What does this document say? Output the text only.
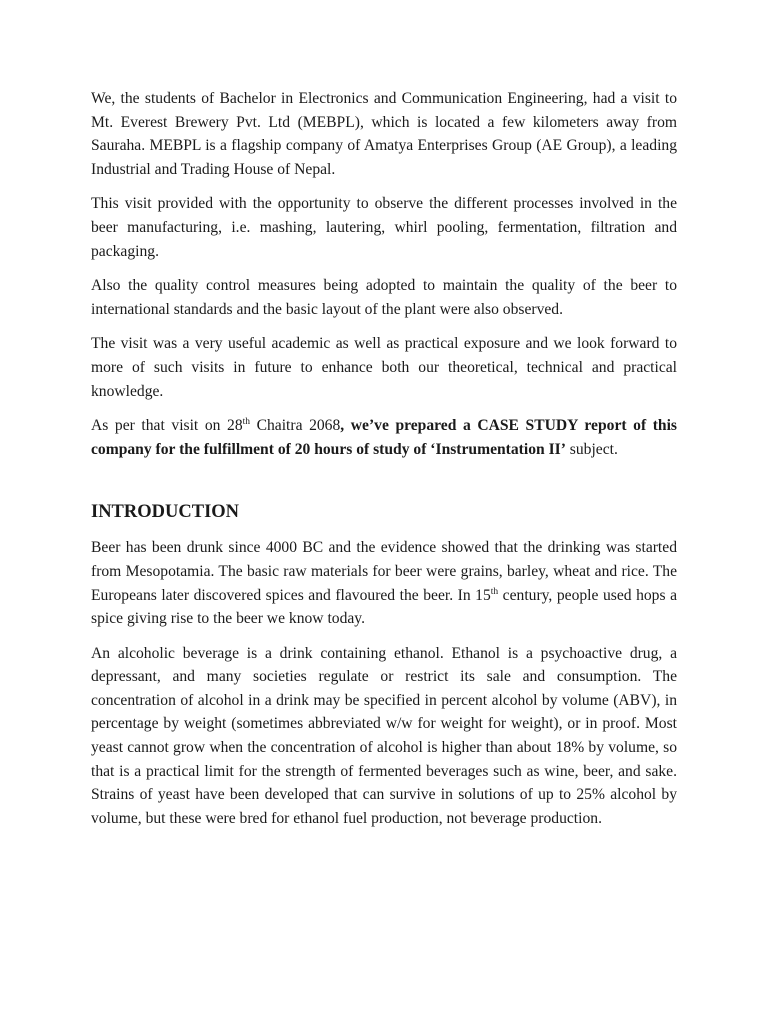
We, the students of Bachelor in Electronics and Communication Engineering, had a visit to Mt. Everest Brewery Pvt. Ltd (MEBPL), which is located a few kilometers away from Sauraha. MEBPL is a flagship company of Amatya Enterprises Group (AE Group), a leading Industrial and Trading House of Nepal.

This visit provided with the opportunity to observe the different processes involved in the beer manufacturing, i.e. mashing, lautering, whirl pooling, fermentation, filtration and packaging.

Also the quality control measures being adopted to maintain the quality of the beer to international standards and the basic layout of the plant were also observed.

The visit was a very useful academic as well as practical exposure and we look forward to more of such visits in future to enhance both our theoretical, technical and practical knowledge.

As per that visit on 28th Chaitra 2068, we’ve prepared a CASE STUDY report of this company for the fulfillment of 20 hours of study of ‘Instrumentation II’ subject.

INTRODUCTION

Beer has been drunk since 4000 BC and the evidence showed that the drinking was started from Mesopotamia. The basic raw materials for beer were grains, barley, wheat and rice. The Europeans later discovered spices and flavoured the beer. In 15th century, people used hops a spice giving rise to the beer we know today.

An alcoholic beverage is a drink containing ethanol. Ethanol is a psychoactive drug, a depressant, and many societies regulate or restrict its sale and consumption. The concentration of alcohol in a drink may be specified in percent alcohol by volume (ABV), in percentage by weight (sometimes abbreviated w/w for weight for weight), or in proof. Most yeast cannot grow when the concentration of alcohol is higher than about 18% by volume, so that is a practical limit for the strength of fermented beverages such as wine, beer, and sake. Strains of yeast have been developed that can survive in solutions of up to 25% alcohol by volume, but these were bred for ethanol fuel production, not beverage production.
